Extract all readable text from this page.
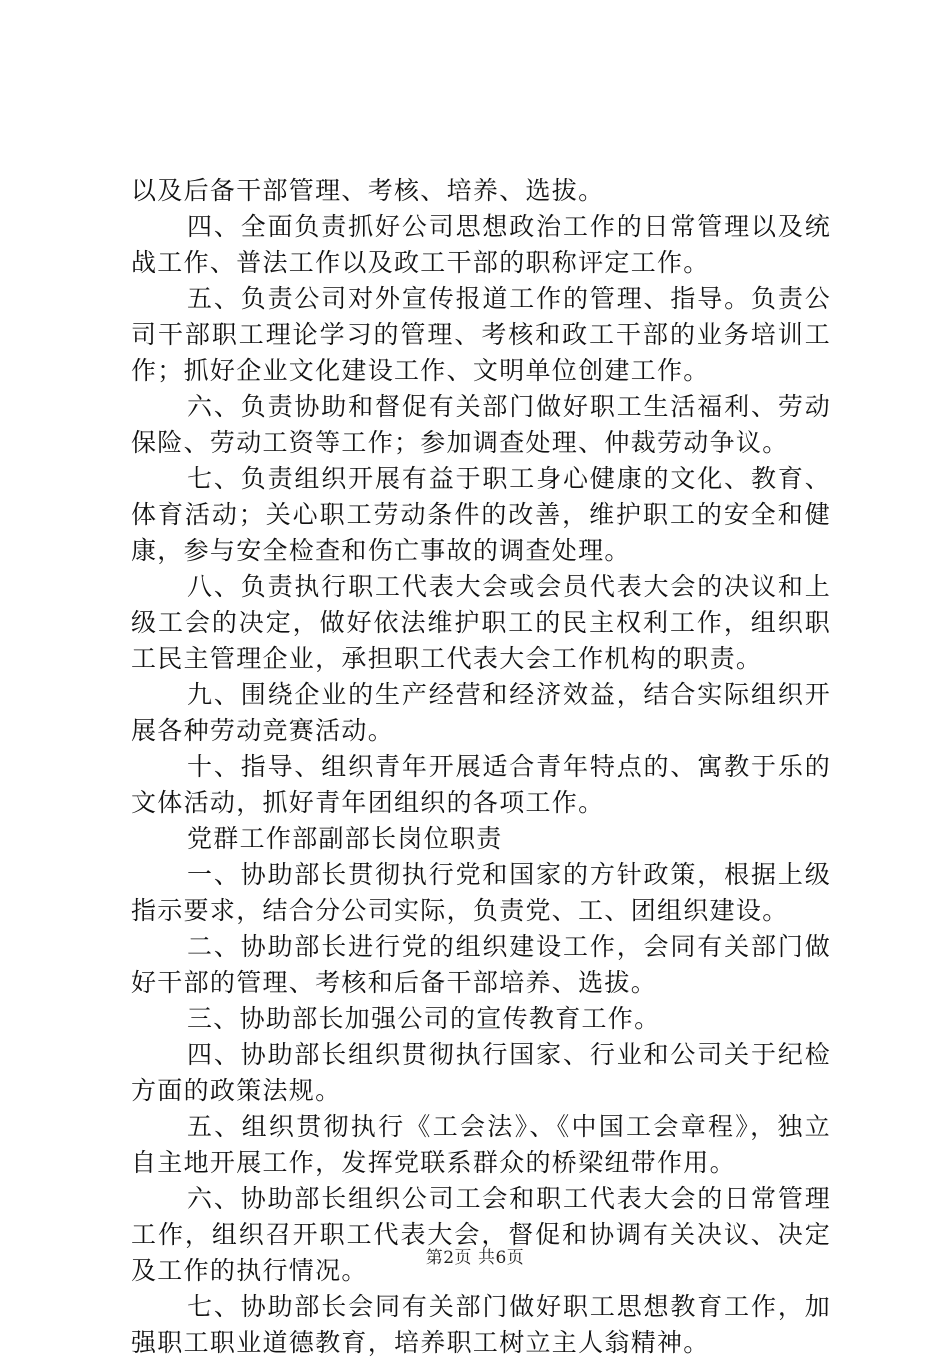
以及后备干部管理、考核、培养、选拔。

四、全面负责抓好公司思想政治工作的日常管理以及统战工作、普法工作以及政工干部的职称评定工作。

五、负责公司对外宣传报道工作的管理、指导。负责公司干部职工理论学习的管理、考核和政工干部的业务培训工作；抓好企业文化建设工作、文明单位创建工作。

六、负责协助和督促有关部门做好职工生活福利、劳动保险、劳动工资等工作；参加调查处理、仲裁劳动争议。

七、负责组织开展有益于职工身心健康的文化、教育、体育活动；关心职工劳动条件的改善，维护职工的安全和健康，参与安全检查和伤亡事故的调查处理。

八、负责执行职工代表大会或会员代表大会的决议和上级工会的决定，做好依法维护职工的民主权利工作，组织职工民主管理企业，承担职工代表大会工作机构的职责。

九、围绕企业的生产经营和经济效益，结合实际组织开展各种劳动竞赛活动。

十、指导、组织青年开展适合青年特点的、寓教于乐的文体活动，抓好青年团组织的各项工作。

党群工作部副部长岗位职责

一、协助部长贯彻执行党和国家的方针政策，根据上级指示要求，结合分公司实际，负责党、工、团组织建设。

二、协助部长进行党的组织建设工作，会同有关部门做好干部的管理、考核和后备干部培养、选拔。

三、协助部长加强公司的宣传教育工作。

四、协助部长组织贯彻执行国家、行业和公司关于纪检方面的政策法规。

五、组织贯彻执行《工会法》、《中国工会章程》，独立自主地开展工作，发挥党联系群众的桥梁纽带作用。

六、协助部长组织公司工会和职工代表大会的日常管理工作，组织召开职工代表大会，督促和协调有关决议、决定及工作的执行情况。

七、协助部长会同有关部门做好职工思想教育工作，加强职工职业道德教育，培养职工树立主人翁精神。

第2页 共6页
